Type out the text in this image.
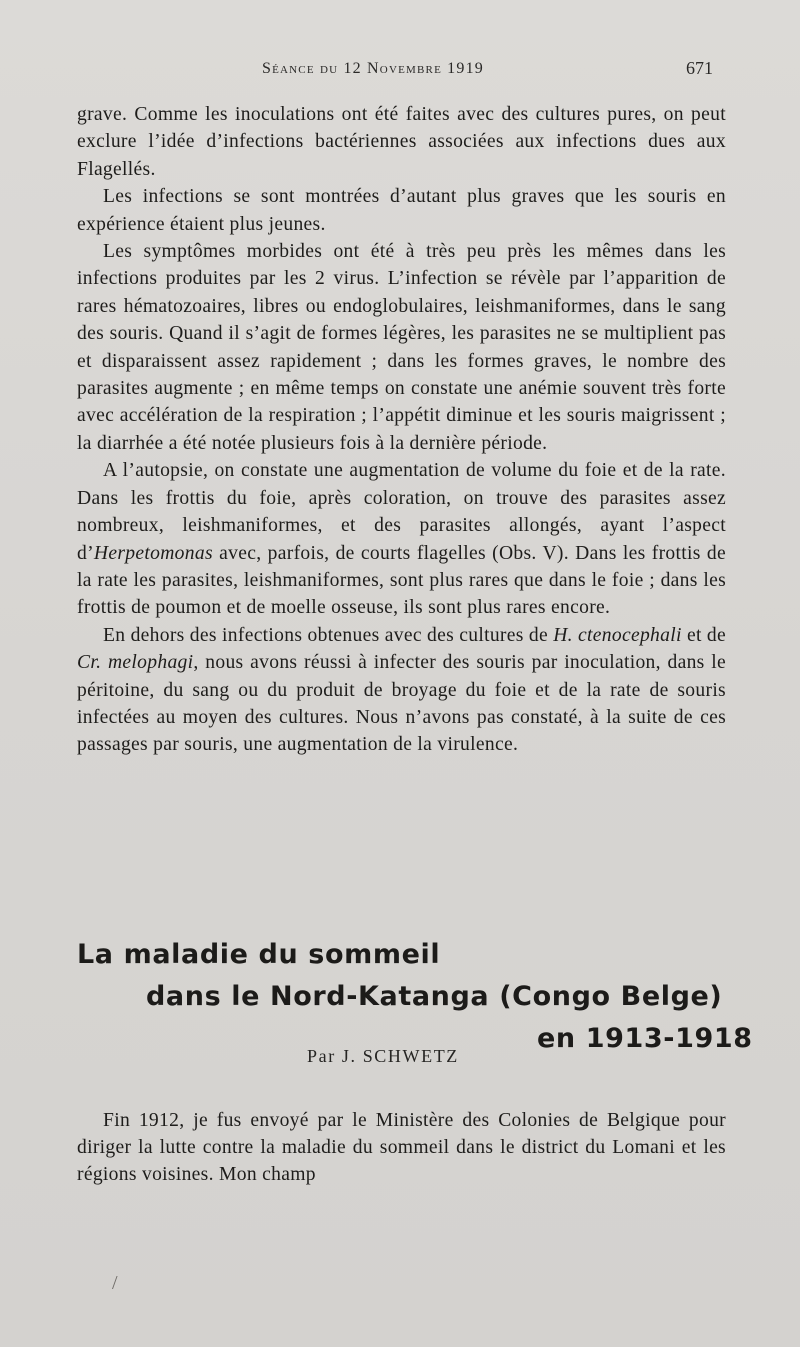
Séance du 12 Novembre 1919	671

grave. Comme les inoculations ont été faites avec des cultures pures, on peut exclure l’idée d’infections bactériennes associées aux infections dues aux Flagellés.

Les infections se sont montrées d’autant plus graves que les souris en expérience étaient plus jeunes.

Les symptômes morbides ont été à très peu près les mêmes dans les infections produites par les 2 virus. L’infection se révèle par l’apparition de rares hématozoaires, libres ou endoglobulaires, leishmaniformes, dans le sang des souris. Quand il s’agit de formes légères, les parasites ne se multiplient pas et disparaissent assez rapidement ; dans les formes graves, le nombre des parasites augmente ; en même temps on constate une anémie souvent très forte avec accélération de la respiration ; l’appétit diminue et les souris maigrissent ; la diarrhée a été notée plusieurs fois à la dernière période.

A l’autopsie, on constate une augmentation de volume du foie et de la rate. Dans les frottis du foie, après coloration, on trouve des parasites assez nombreux, leishmaniformes, et des parasites allongés, ayant l’aspect d’Herpetomonas avec, parfois, de courts flagelles (Obs. V). Dans les frottis de la rate les parasites, leishmaniformes, sont plus rares que dans le foie ; dans les frottis de poumon et de moelle osseuse, ils sont plus rares encore.

En dehors des infections obtenues avec des cultures de H. ctenocephali et de Cr. melophagi, nous avons réussi à infecter des souris par inoculation, dans le péritoine, du sang ou du produit de broyage du foie et de la rate de souris infectées au moyen des cultures. Nous n’avons pas constaté, à la suite de ces passages par souris, une augmentation de la virulence.

La maladie du sommeil
dans le Nord-Katanga (Congo Belge)
en 1913-1918
Par J. SCHWETZ

Fin 1912, je fus envoyé par le Ministère des Colonies de Belgique pour diriger la lutte contre la maladie du sommeil dans le district du Lomani et les régions voisines. Mon champ

/
